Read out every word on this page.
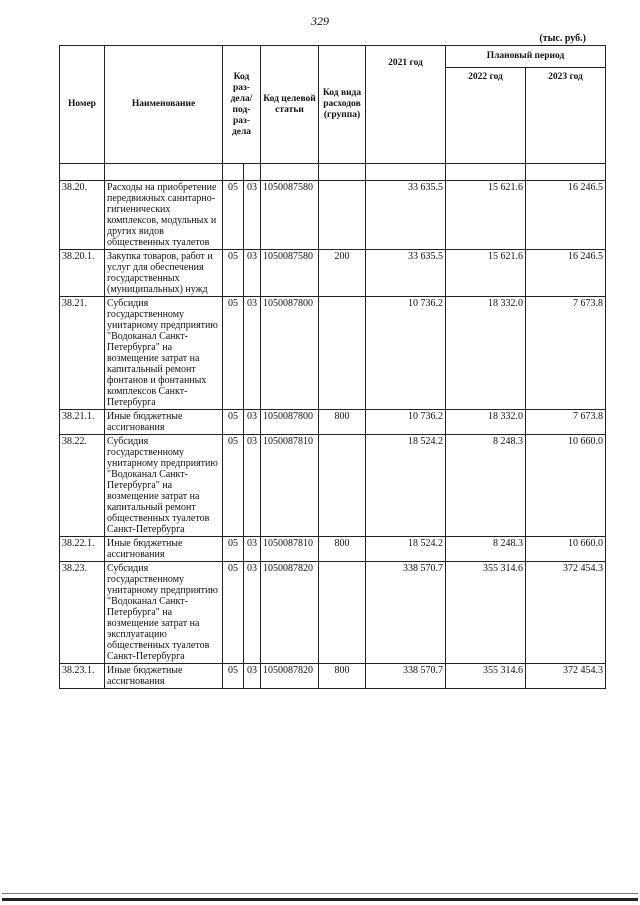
329
(тыс. руб.)
Номер	Наименование	Код раз-дела/ под-раз-дела		Код целевой статьи	Код вида расходов (группа)	2021 год	Плановый период	
							2022 год	2023 год

38.20.	Расходы на приобретение передвижных санитарно-гигиенических комплексов, модульных и других видов общественных туалетов	05	03	1050087580		33 635.5	15 621.6	16 246.5
38.20.1.	Закупка товаров, работ и услуг для обеспечения государственных (муниципальных) нужд	05	03	1050087580	200	33 635.5	15 621.6	16 246.5
38.21.	Субсидия государственному унитарному предприятию "Водоканал Санкт-Петербурга" на возмещение затрат на капитальный ремонт фонтанов и фонтанных комплексов Санкт-Петербурга	05	03	1050087800		10 736.2	18 332.0	7 673.8
38.21.1.	Иные бюджетные ассигнования	05	03	1050087800	800	10 736.2	18 332.0	7 673.8
38.22.	Субсидия государственному унитарному предприятию "Водоканал Санкт-Петербурга" на возмещение затрат на капитальный ремонт общественных туалетов Санкт-Петербурга	05	03	1050087810		18 524.2	8 248.3	10 660.0
38.22.1.	Иные бюджетные ассигнования	05	03	1050087810	800	18 524.2	8 248.3	10 660.0
38.23.	Субсидия государственному унитарному предприятию "Водоканал Санкт-Петербурга" на возмещение затрат на эксплуатацию общественных туалетов Санкт-Петербурга	05	03	1050087820		338 570.7	355 314.6	372 454.3
38.23.1.	Иные бюджетные ассигнования	05	03	1050087820	800	338 570.7	355 314.6	372 454.3
